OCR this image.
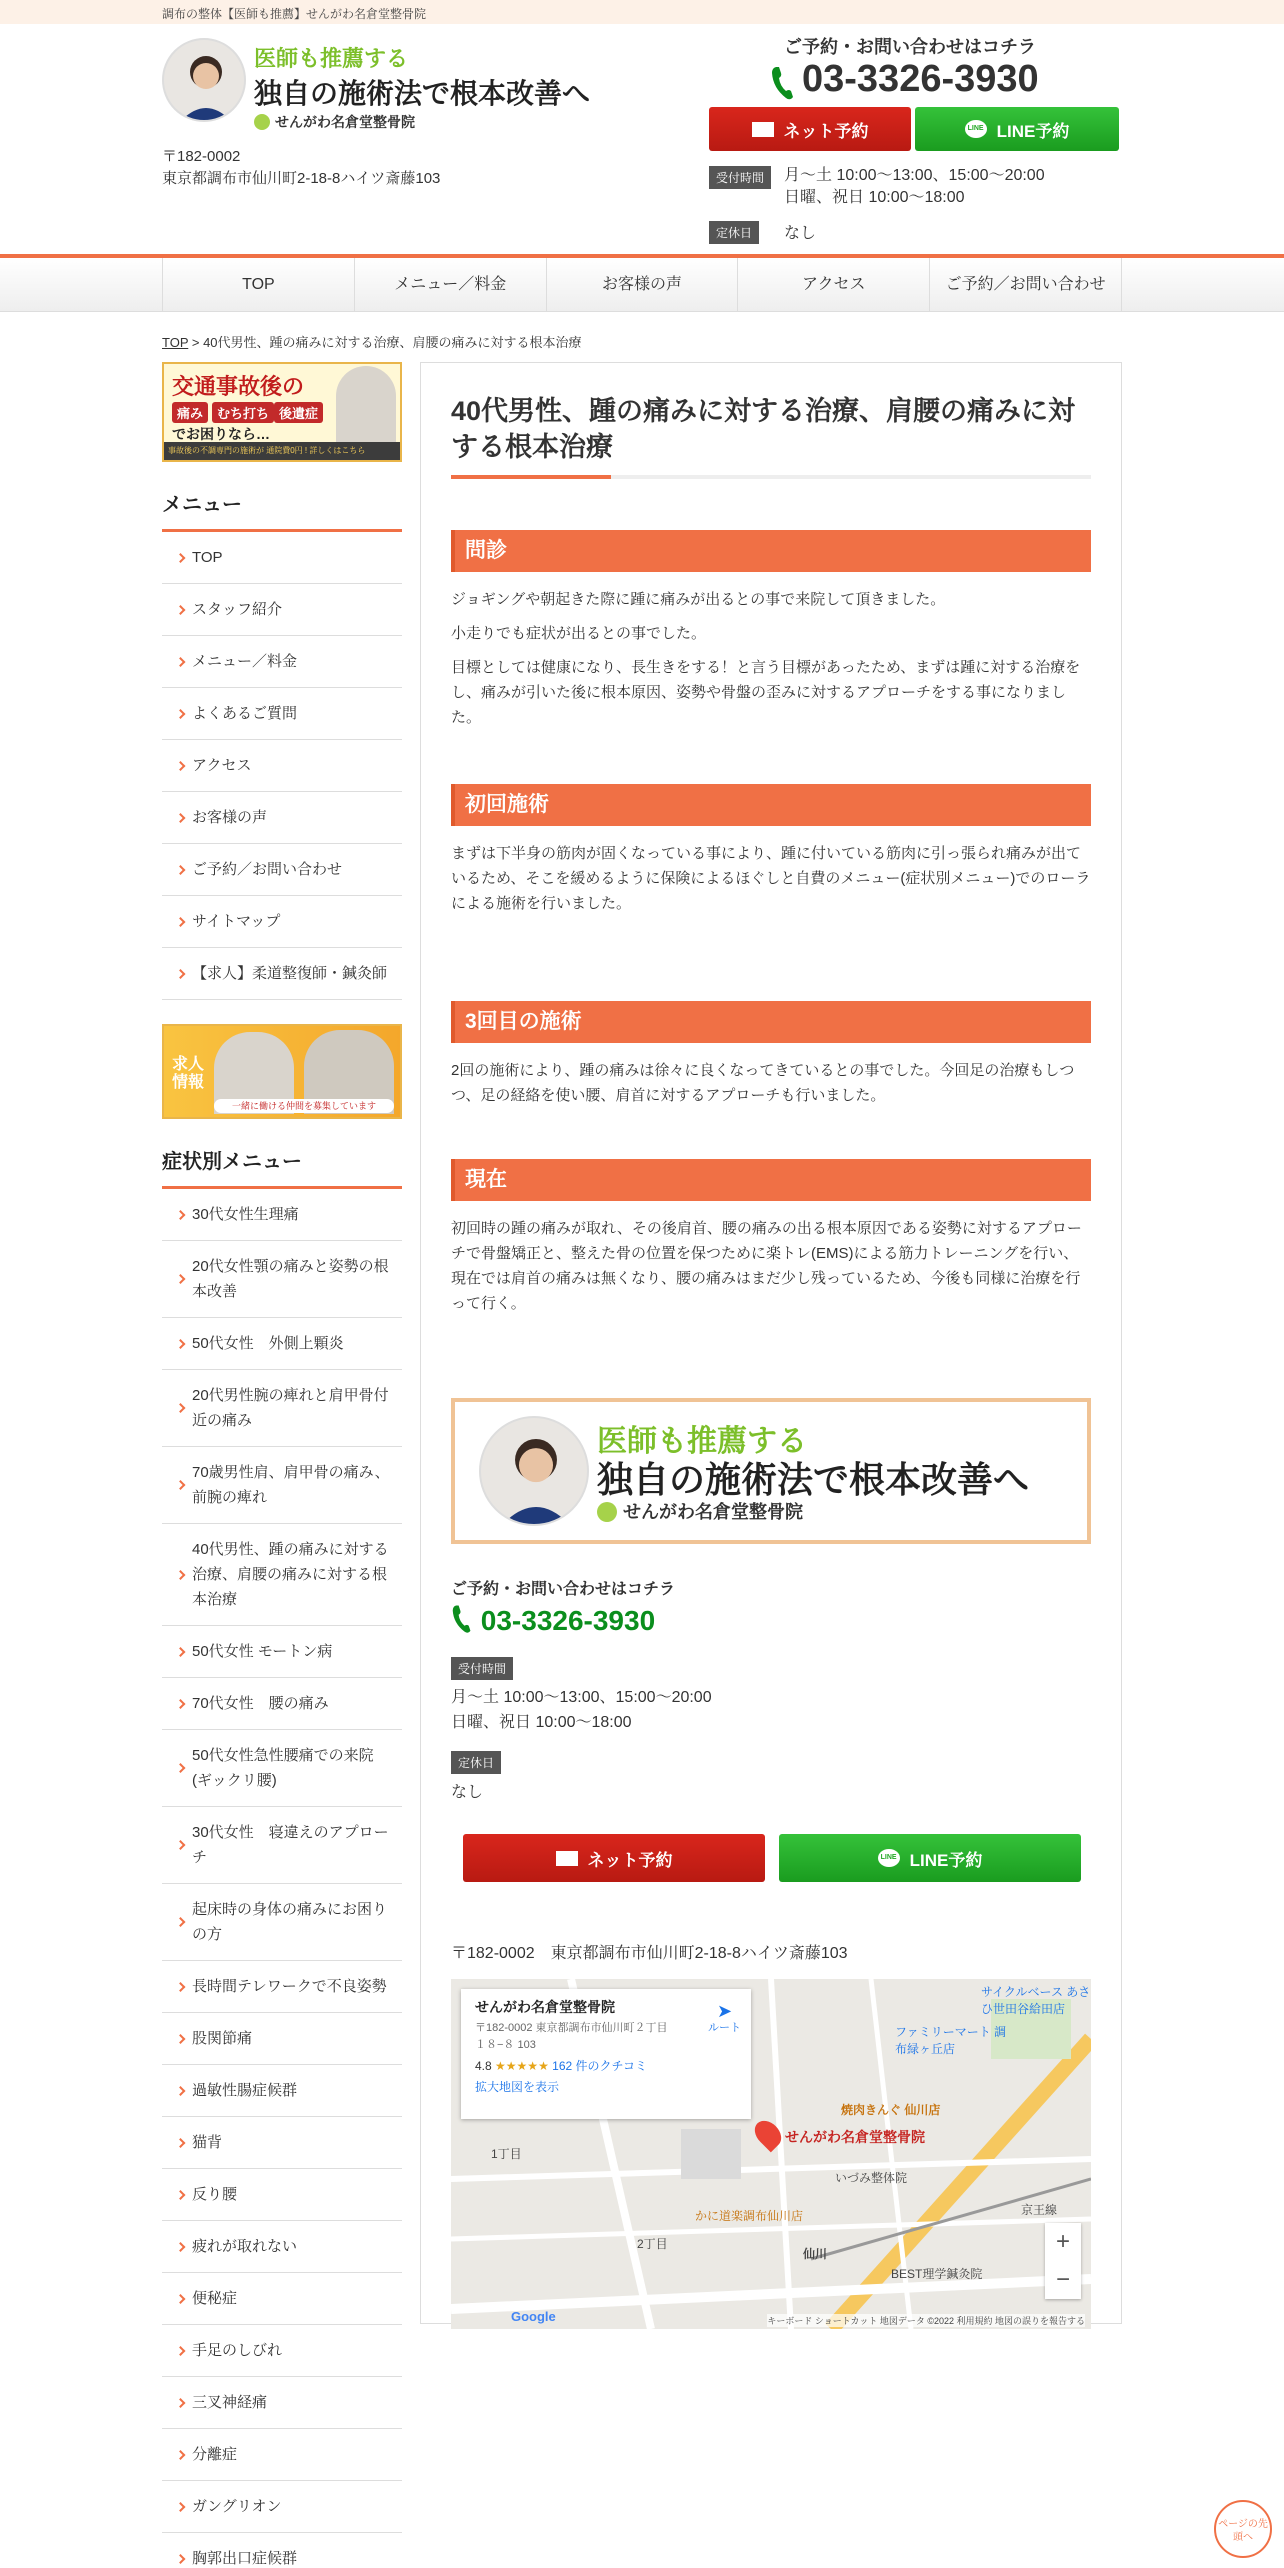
調布の整体【医師も推薦】せんがわ名倉堂整骨院
医師も推薦する
独自の施術法で根本改善へ
せんがわ名倉堂整骨院
〒182-0002
東京都調布市仙川町2-18-8ハイツ斎藤103
ご予約・お問い合わせはコチラ
03-3326-3930
ネット予約	LINE LINE予約
受付時間	月〜土 10:00〜13:00、15:00〜20:00
日曜、祝日 10:00〜18:00
定休日	なし
TOP	メニュー／料金	お客様の声	アクセス	ご予約／お問い合わせ
TOP > 40代男性、踵の痛みに対する治療、肩腰の痛みに対する根本治療
交通事故後の
痛み	むち打ち 後遺症
でお困りなら…
事故後の不調専門の施術が 通院費0円 ! 詳しくはこちら
メニュー
TOP
スタッフ紹介
メニュー／料金
よくあるご質問
アクセス
お客様の声
ご予約／お問い合わせ
サイトマップ
【求人】柔道整復師・鍼灸師
求人情報
一緒に働ける仲間を募集しています
症状別メニュー
30代女性生理痛
20代女性顎の痛みと姿勢の根本改善
50代女性　外側上顆炎
20代男性腕の痺れと肩甲骨付近の痛み
70歳男性肩、肩甲骨の痛み、前腕の痺れ
40代男性、踵の痛みに対する治療、肩腰の痛みに対する根本治療
50代女性 モートン病
70代女性　腰の痛み
50代女性急性腰痛での来院(ギックリ腰)
30代女性　寝違えのアプローチ
起床時の身体の痛みにお困りの方
長時間テレワークで不良姿勢
股関節痛
過敏性腸症候群
猫背
反り腰
疲れが取れない
便秘症
手足のしびれ
三叉神経痛
分離症
ガングリオン
胸郭出口症候群
40代男性、踵の痛みに対する治療、肩腰の痛みに対する根本治療
問診

ジョギングや朝起きた際に踵に痛みが出るとの事で来院して頂きました。

小走りでも症状が出るとの事でした。

目標としては健康になり、長生きをする！と言う目標があったため、まずは踵に対する治療をし、痛みが引いた後に根本原因、姿勢や骨盤の歪みに対するアプローチをする事になりました。

初回施術

まずは下半身の筋肉が固くなっている事により、踵に付いている筋肉に引っ張られ痛みが出ているため、そこを緩めるように保険によるほぐしと自費のメニュー(症状別メニュー)でのローラによる施術を行いました。

3回目の施術

2回の施術により、踵の痛みは徐々に良くなってきているとの事でした。今回足の治療もしつつ、足の経絡を使い腰、肩首に対するアプローチも行いました。

現在

初回時の踵の痛みが取れ、その後肩首、腰の痛みの出る根本原因である姿勢に対するアプローチで骨盤矯正と、整えた骨の位置を保つために楽トレ(EMS)による筋力トレーニングを行い、現在では肩首の痛みは無くなり、腰の痛みはまだ少し残っているため、今後も同様に治療を行って行く。

医師も推薦する
独自の施術法で根本改善へ
せんがわ名倉堂整骨院
ご予約・お問い合わせはコチラ
03-3326-3930
受付時間
月〜土 10:00〜13:00、15:00〜20:00
日曜、祝日 10:00〜18:00
定休日
なし
ネット予約	LINE LINE予約
〒182-0002　東京都調布市仙川町2-18-8ハイツ斎藤103
せんがわ名倉堂整骨院
〒182-0002 東京都調布市仙川町２丁目１８−８ 103
4.8 ★★★★★ 162 件のクチコミ
拡大地図を表示
➤
ルート
サイクルベース あさひ世田谷給田店
ファミリーマート 調布緑ヶ丘店
焼肉きんぐ 仙川店
せんがわ名倉堂整骨院
いづみ整体院
かに道楽調布仙川店
仙川
BEST理学鍼灸院
1丁目
2丁目
京王線
+
−
Google	キーボード ショートカット 地図データ ©2022 利用規約 地図の誤りを報告する
ページの先頭へ
